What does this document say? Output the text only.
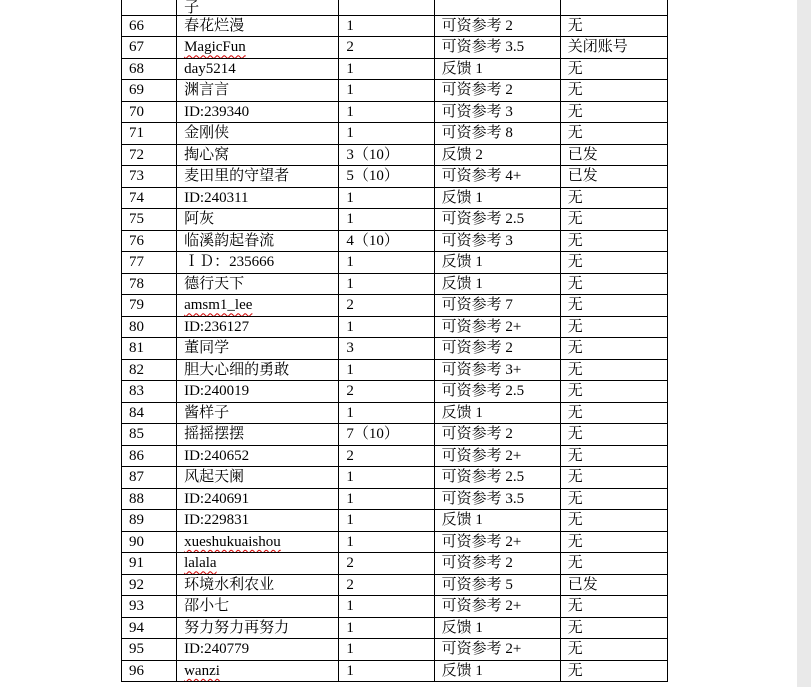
	子			
66	春花烂漫	1	可资参考 2	无
67	MagicFun	2	可资参考 3.5	关闭账号
68	day5214	1	反馈 1	无
69	渊言言	1	可资参考 2	无
70	ID:239340	1	可资参考 3	无
71	金刚侠	1	可资参考 8	无
72	掏心窝	3（10）	反馈 2	已发
73	麦田里的守望者	5（10）	可资参考 4+	已发
74	ID:240311	1	反馈 1	无
75	阿灰	1	可资参考 2.5	无
76	临溪韵起眷流	4（10）	可资参考 3	无
77	ＩＤ：235666	1	反馈 1	无
78	德行天下	1	反馈 1	无
79	amsm1_lee	2	可资参考 7	无
80	ID:236127	1	可资参考 2+	无
81	董同学	3	可资参考 2	无
82	胆大心细的勇敢	1	可资参考 3+	无
83	ID:240019	2	可资参考 2.5	无
84	酱样子	1	反馈 1	无
85	摇摇摆摆	7（10）	可资参考 2	无
86	ID:240652	2	可资参考 2+	无
87	风起天阑	1	可资参考 2.5	无
88	ID:240691	1	可资参考 3.5	无
89	ID:229831	1	反馈 1	无
90	xueshukuaishou	1	可资参考 2+	无
91	lalala	2	可资参考 2	无
92	环境水利农业	2	可资参考 5	已发
93	邵小七	1	可资参考 2+	无
94	努力努力再努力	1	反馈 1	无
95	ID:240779	1	可资参考 2+	无
96	wanzi	1	反馈 1	无
